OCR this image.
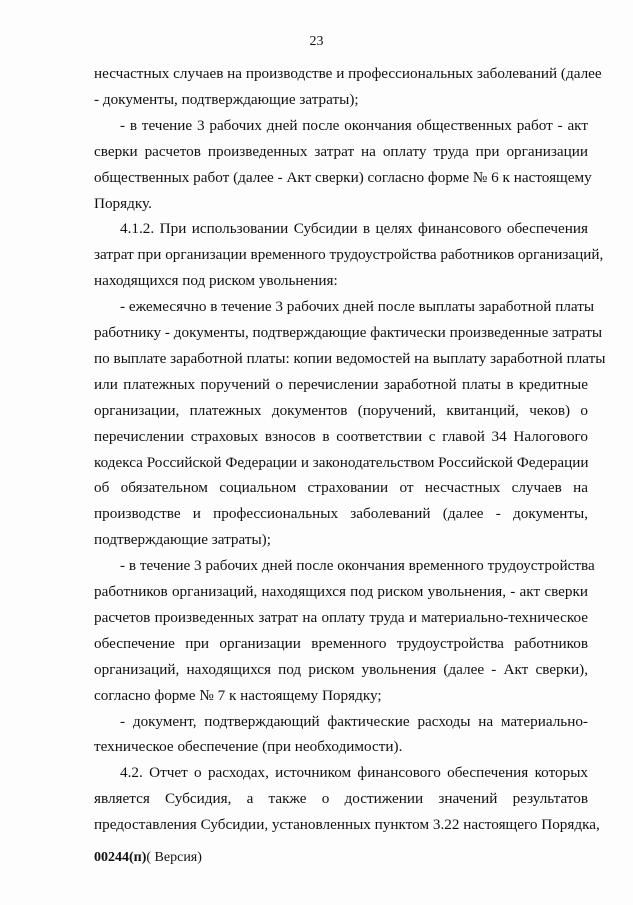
23
несчастных случаев на производстве и профессиональных заболеваний (далее
- документы, подтверждающие затраты);
- в течение 3 рабочих дней после окончания общественных работ - акт
сверки расчетов произведенных затрат на оплату труда при организации
общественных работ (далее - Акт сверки) согласно форме № 6 к настоящему
Порядку.
4.1.2. При использовании Субсидии в целях финансового обеспечения
затрат при организации временного трудоустройства работников организаций,
находящихся под риском увольнения:
- ежемесячно в течение 3 рабочих дней после выплаты заработной платы
работнику - документы, подтверждающие фактически произведенные затраты
по выплате заработной платы: копии ведомостей на выплату заработной платы
или платежных поручений о перечислении заработной платы в кредитные
организации, платежных документов (поручений, квитанций, чеков) о
перечислении страховых взносов в соответствии с главой 34 Налогового
кодекса Российской Федерации и законодательством Российской Федерации
об обязательном социальном страховании от несчастных случаев на
производстве и профессиональных заболеваний (далее - документы,
подтверждающие затраты);
- в течение 3 рабочих дней после окончания временного трудоустройства
работников организаций, находящихся под риском увольнения, - акт сверки
расчетов произведенных затрат на оплату труда и материально-техническое
обеспечение при организации временного трудоустройства работников
организаций, находящихся под риском увольнения (далее - Акт сверки),
согласно форме № 7 к настоящему Порядку;
- документ, подтверждающий фактические расходы на материально-
техническое обеспечение (при необходимости).
4.2. Отчет о расходах, источником финансового обеспечения которых
является Субсидия, а также о достижении значений результатов
предоставления Субсидии, установленных пунктом 3.22 настоящего Порядка,
00244(п)( Версия)
